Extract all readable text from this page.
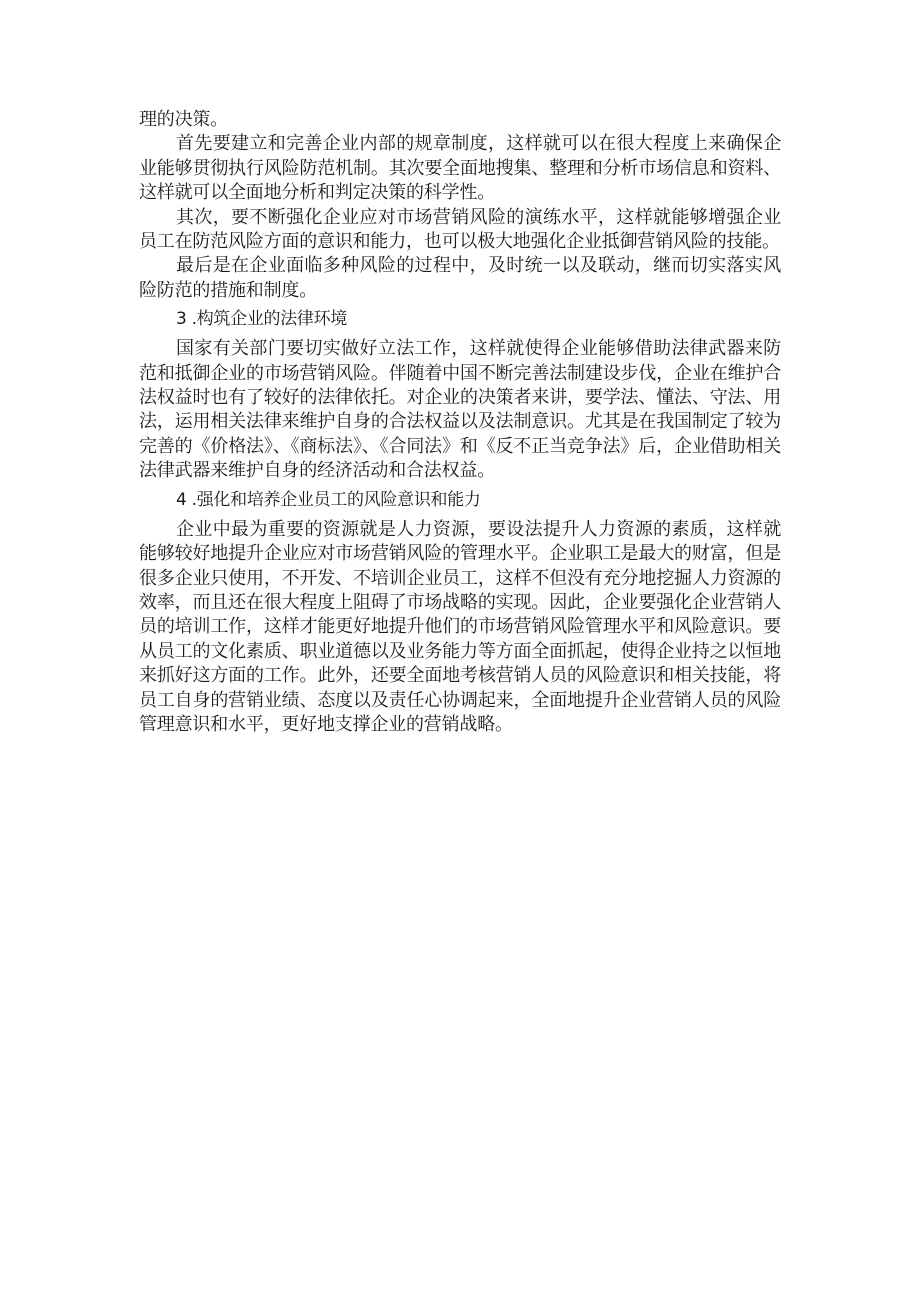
理的决策。

首先要建立和完善企业内部的规章制度，这样就可以在很大程度上来确保企业能够贯彻执行风险防范机制。其次要全面地搜集、整理和分析市场信息和资料、这样就可以全面地分析和判定决策的科学性。

其次，要不断强化企业应对市场营销风险的演练水平，这样就能够增强企业员工在防范风险方面的意识和能力，也可以极大地强化企业抵御营销风险的技能。

最后是在企业面临多种风险的过程中，及时统一以及联动，继而切实落实风险防范的措施和制度。

3 .构筑企业的法律环境

国家有关部门要切实做好立法工作，这样就使得企业能够借助法律武器来防范和抵御企业的市场营销风险。伴随着中国不断完善法制建设步伐，企业在维护合法权益时也有了较好的法律依托。对企业的决策者来讲，要学法、懂法、守法、用法，运用相关法律来维护自身的合法权益以及法制意识。尤其是在我国制定了较为完善的《价格法》、《商标法》、《合同法》和《反不正当竞争法》后，企业借助相关法律武器来维护自身的经济活动和合法权益。

4 .强化和培养企业员工的风险意识和能力

企业中最为重要的资源就是人力资源，要设法提升人力资源的素质，这样就能够较好地提升企业应对市场营销风险的管理水平。企业职工是最大的财富，但是很多企业只使用，不开发、不培训企业员工，这样不但没有充分地挖掘人力资源的效率，而且还在很大程度上阻碍了市场战略的实现。因此，企业要强化企业营销人员的培训工作，这样才能更好地提升他们的市场营销风险管理水平和风险意识。要从员工的文化素质、职业道德以及业务能力等方面全面抓起，使得企业持之以恒地来抓好这方面的工作。此外，还要全面地考核营销人员的风险意识和相关技能，将员工自身的营销业绩、态度以及责任心协调起来，全面地提升企业营销人员的风险管理意识和水平，更好地支撑企业的营销战略。
